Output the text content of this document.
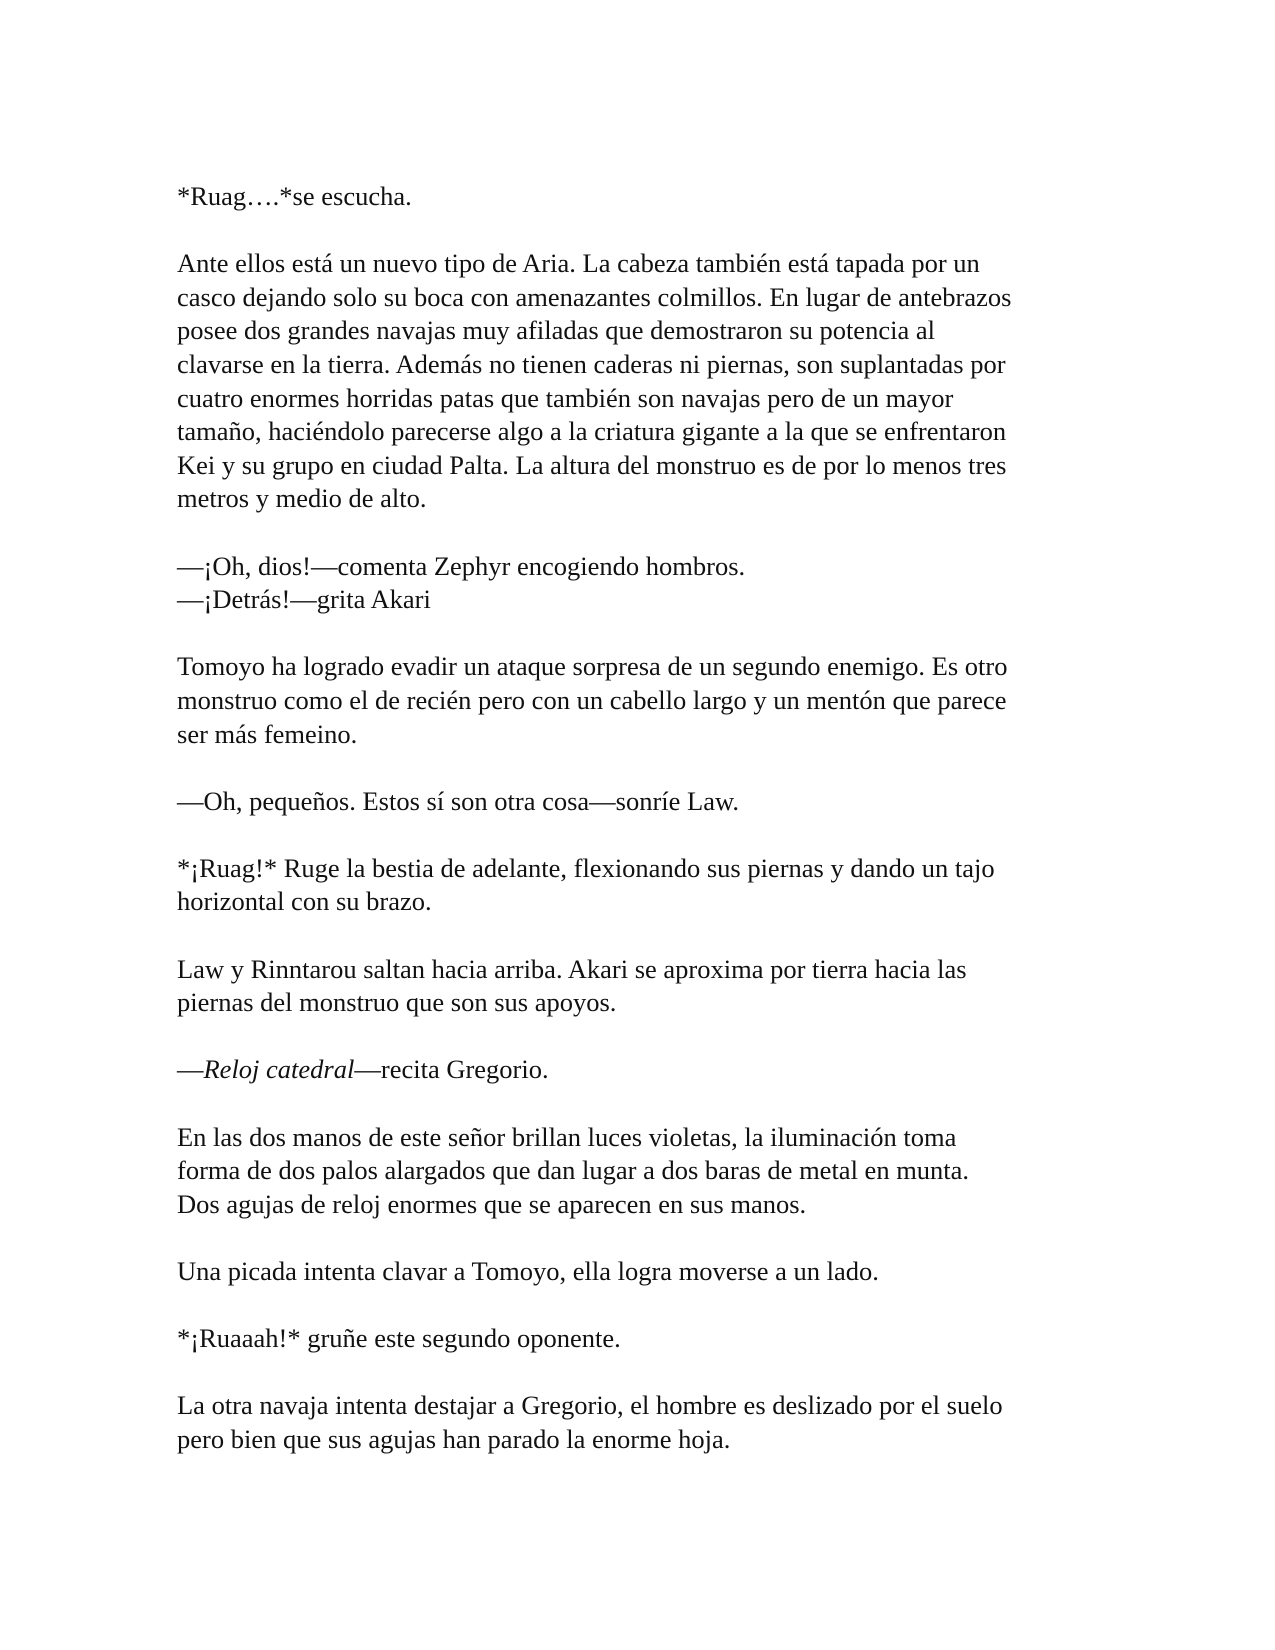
*Ruag….*se escucha.

Ante ellos está un nuevo tipo de Aria. La cabeza también está tapada por un
casco dejando solo su boca con amenazantes colmillos. En lugar de antebrazos
posee dos grandes navajas muy afiladas que demostraron su potencia al
clavarse en la tierra. Además no tienen caderas ni piernas, son suplantadas por
cuatro enormes horridas patas que también son navajas pero de un mayor
tamaño, haciéndolo parecerse algo a la criatura gigante a la que se enfrentaron
Kei y su grupo en ciudad Palta. La altura del monstruo es de por lo menos tres
metros y medio de alto.

—¡Oh, dios!—comenta Zephyr encogiendo hombros.
—¡Detrás!—grita Akari

Tomoyo ha logrado evadir un ataque sorpresa de un segundo enemigo. Es otro
monstruo como el de recién pero con un cabello largo y un mentón que parece
ser más femeino.

—Oh, pequeños. Estos sí son otra cosa—sonríe Law.

*¡Ruag!* Ruge la bestia de adelante, flexionando sus piernas y dando un tajo
horizontal con su brazo.

Law y Rinntarou saltan hacia arriba. Akari se aproxima por tierra hacia las
piernas del monstruo que son sus apoyos.

—Reloj catedral—recita Gregorio.

En las dos manos de este señor brillan luces violetas, la iluminación toma
forma de dos palos alargados que dan lugar a dos baras de metal en munta.
Dos agujas de reloj enormes que se aparecen en sus manos.

Una picada intenta clavar a Tomoyo, ella logra moverse a un lado.

*¡Ruaaah!* gruñe este segundo oponente.

La otra navaja intenta destajar a Gregorio, el hombre es deslizado por el suelo
pero bien que sus agujas han parado la enorme hoja.
